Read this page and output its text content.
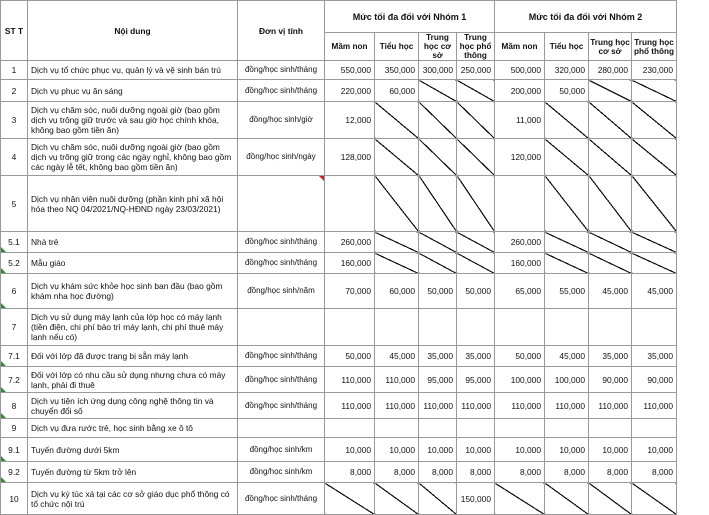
ST T	Nội dung	Đơn vị tính	Mức tối đa đối với Nhóm 1				Mức tối đa đối với Nhóm 2			
			Mầm non	Tiểu học	Trung học cơ sở	Trung học phổ thông	Mầm non	Tiểu học	Trung học cơ sở	Trung học phổ thông
1	Dịch vụ tổ chức phục vụ, quản lý và vệ sinh bán trú	đồng/học sinh/tháng	550,000	350,000	300,000	250,000	500,000	320,000	280,000	230,000
2	Dịch vụ phục vụ ăn sáng	đồng/học sinh/tháng	220,000	60,000			200,000	50,000		
3	Dịch vụ chăm sóc, nuôi dưỡng ngoài giờ (bao gồm dịch vụ trông giữ trước và sau giờ học chính khóa, không bao gồm tiền ăn)	đồng/học sinh/giờ	12,000				11,000			
4	Dịch vụ chăm sóc, nuôi dưỡng ngoài giờ (bao gồm dịch vụ trông giữ trong các ngày nghỉ, không bao gồm các ngày lễ tết, không bao gồm tiền ăn)	đồng/học sinh/ngày	128,000				120,000			
5	Dịch vụ nhân viên nuôi dưỡng (phần kinh phí xã hội hóa theo NQ 04/2021/NQ-HĐND ngày 23/03/2021)									
5.1	Nhà trẻ	đồng/học sinh/tháng	260,000				260,000			
5.2	Mẫu giáo	đồng/học sinh/tháng	160,000				160,000			
6	Dịch vụ khám sức khỏe học sinh ban đầu (bao gồm khám nha học đường)	đồng/học sinh/năm	70,000	60,000	50,000	50,000	65,000	55,000	45,000	45,000
7	Dịch vụ sử dụng máy lạnh của lớp học có máy lạnh (tiền điện, chi phí bảo trì máy lạnh, chi phí thuê máy lạnh nếu có)									
7.1	Đối với lớp đã được trang bị sẵn máy lạnh	đồng/học sinh/tháng	50,000	45,000	35,000	35,000	50,000	45,000	35,000	35,000
7.2	Đối với lớp có nhu cầu sử dụng nhưng chưa có máy lạnh, phải đi thuê	đồng/học sinh/tháng	110,000	110,000	95,000	95,000	100,000	100,000	90,000	90,000
8	Dịch vụ tiện ích ứng dụng công nghệ thông tin và chuyển đổi số	đồng/học sinh/tháng	110,000	110,000	110,000	110,000	110,000	110,000	110,000	110,000
9	Dịch vụ đưa rước trẻ, học sinh bằng xe ô tô									
9.1	Tuyến đường dưới 5km	đồng/học sinh/km	10,000	10,000	10,000	10,000	10,000	10,000	10,000	10,000
9.2	Tuyến đường từ 5km trở lên	đồng/học sinh/km	8,000	8,000	8,000	8,000	8,000	8,000	8,000	8,000
10	Dịch vụ ký túc xá tại các cơ sở giáo dục phổ thông có tổ chức nội trú	đồng/học sinh/tháng				150,000				
